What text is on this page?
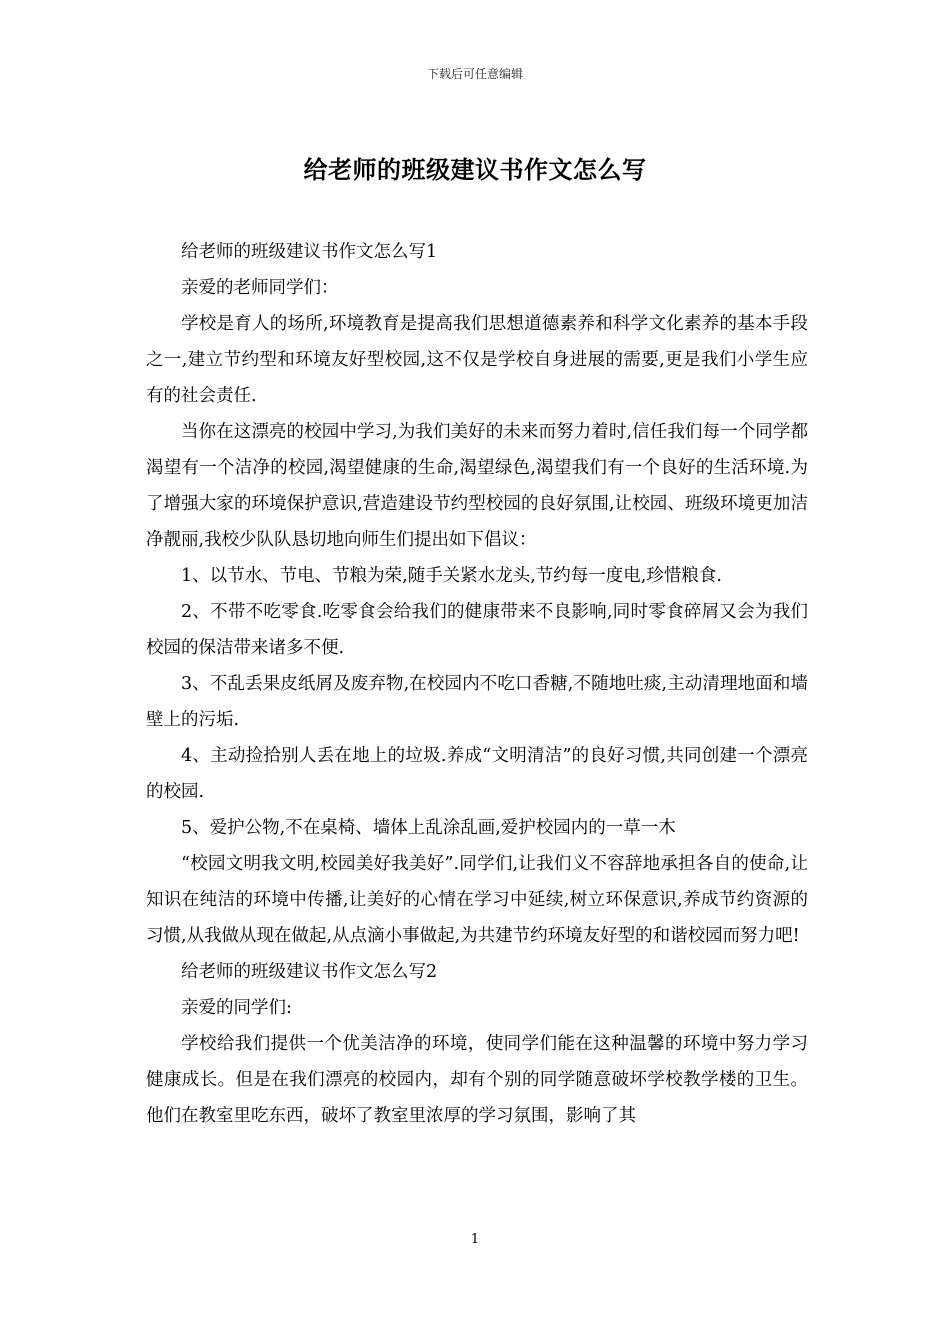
下载后可任意编辑
给老师的班级建议书作文怎么写

给老师的班级建议书作文怎么写1

亲爱的老师同学们：

学校是育人的场所,环境教育是提高我们思想道德素养和科学文化素养的基本手段之一,建立节约型和环境友好型校园,这不仅是学校自身进展的需要,更是我们小学生应有的社会责任.

当你在这漂亮的校园中学习,为我们美好的未来而努力着时,信任我们每一个同学都渴望有一个洁净的校园,渴望健康的生命,渴望绿色,渴望我们有一个良好的生活环境.为了增强大家的环境保护意识,营造建设节约型校园的良好氛围,让校园、班级环境更加洁净靓丽,我校少队队恳切地向师生们提出如下倡议：

1、以节水、节电、节粮为荣,随手关紧水龙头,节约每一度电,珍惜粮食.

2、不带不吃零食.吃零食会给我们的健康带来不良影响,同时零食碎屑又会为我们校园的保洁带来诸多不便.

3、不乱丢果皮纸屑及废弃物,在校园内不吃口香糖,不随地吐痰,主动清理地面和墙壁上的污垢.

4、主动捡拾别人丢在地上的垃圾.养成“文明清洁”的良好习惯,共同创建一个漂亮的校园.

5、爱护公物,不在桌椅、墙体上乱涂乱画,爱护校园内的一草一木

“校园文明我文明,校园美好我美好”.同学们,让我们义不容辞地承担各自的使命,让知识在纯洁的环境中传播,让美好的心情在学习中延续,树立环保意识,养成节约资源的习惯,从我做从现在做起,从点滴小事做起,为共建节约环境友好型的和谐校园而努力吧!

给老师的班级建议书作文怎么写2

亲爱的同学们:

学校给我们提供一个优美洁净的环境，使同学们能在这种温馨的环境中努力学习健康成长。但是在我们漂亮的校园内，却有个别的同学随意破坏学校教学楼的卫生。他们在教室里吃东西，破坏了教室里浓厚的学习氛围，影响了其

1
